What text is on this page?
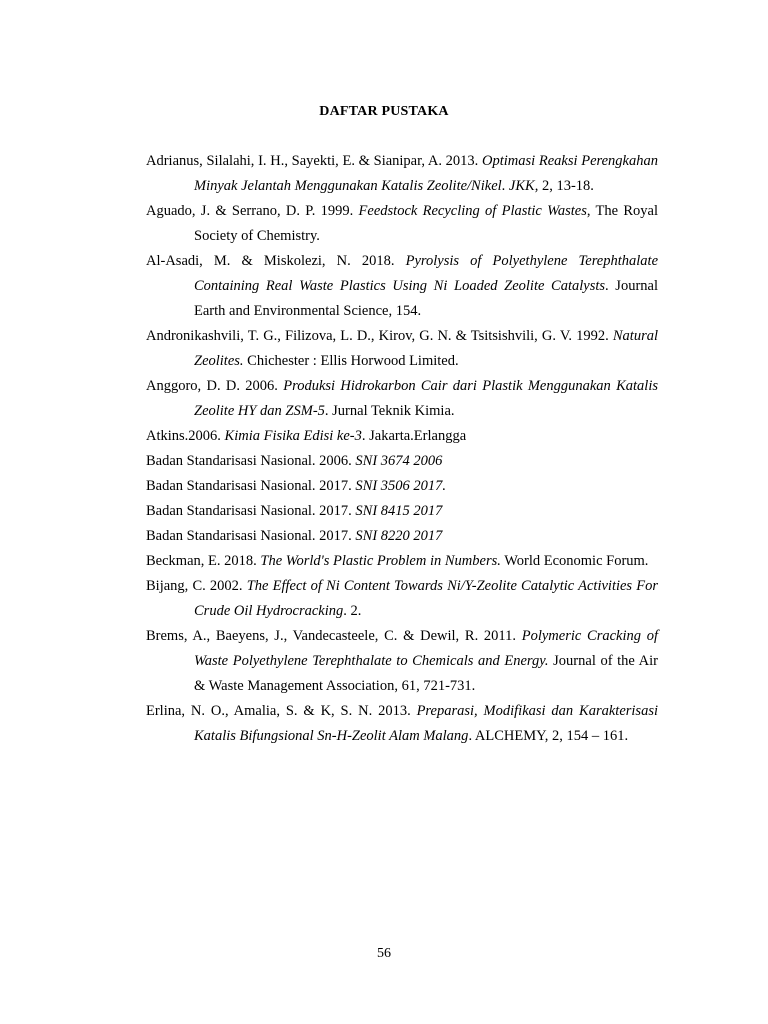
DAFTAR PUSTAKA

Adrianus, Silalahi, I. H., Sayekti, E. & Sianipar, A. 2013. Optimasi Reaksi Perengkahan Minyak Jelantah Menggunakan Katalis Zeolite/Nikel. JKK, 2, 13-18.

Aguado, J. & Serrano, D. P. 1999. Feedstock Recycling of Plastic Wastes, The Royal Society of Chemistry.

Al-Asadi, M. & Miskolezi, N. 2018. Pyrolysis of Polyethylene Terephthalate Containing Real Waste Plastics Using Ni Loaded Zeolite Catalysts. Journal Earth and Environmental Science, 154.

Andronikashvili, T. G., Filizova, L. D., Kirov, G. N. & Tsitsishvili, G. V. 1992. Natural Zeolites. Chichester : Ellis Horwood Limited.

Anggoro, D. D. 2006. Produksi Hidrokarbon Cair dari Plastik Menggunakan Katalis Zeolite HY dan ZSM-5. Jurnal Teknik Kimia.

Atkins.2006. Kimia Fisika Edisi ke-3. Jakarta.Erlangga

Badan Standarisasi Nasional. 2006. SNI 3674 2006

Badan Standarisasi Nasional. 2017. SNI 3506 2017.

Badan Standarisasi Nasional. 2017. SNI 8415 2017

Badan Standarisasi Nasional. 2017. SNI 8220 2017

Beckman, E. 2018. The World's Plastic Problem in Numbers. World Economic Forum.

Bijang, C. 2002. The Effect of Ni Content Towards Ni/Y-Zeolite Catalytic Activities For Crude Oil Hydrocracking. 2.

Brems, A., Baeyens, J., Vandecasteele, C. & Dewil, R. 2011. Polymeric Cracking of Waste Polyethylene Terephthalate to Chemicals and Energy. Journal of the Air & Waste Management Association, 61, 721-731.

Erlina, N. O., Amalia, S. & K, S. N. 2013. Preparasi, Modifikasi dan Karakterisasi Katalis Bifungsional Sn-H-Zeolit Alam Malang. ALCHEMY, 2, 154 – 161.

56
